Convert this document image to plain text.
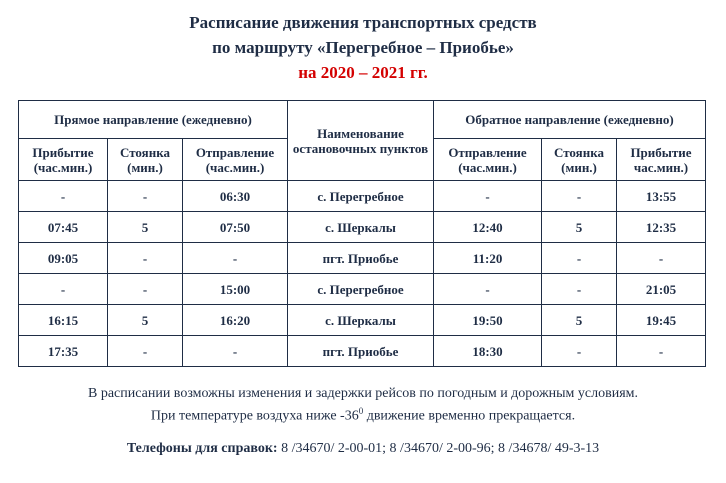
Расписание движения транспортных средств
по маршруту «Перегребное – Приобье»
на 2020 – 2021 гг.
Прямое направление (ежедневно)			Наименование остановочных пунктов	Обратное направление (ежедневно)		
Прибытие (час.мин.)	Стоянка (мин.)	Отправление (час.мин.)		Отправление (час.мин.)	Стоянка (мин.)	Прибытие час.мин.)
-	-	06:30	с. Перегребное	-	-	13:55
07:45	5	07:50	с. Шеркалы	12:40	5	12:35
09:05	-	-	пгт. Приобье	11:20	-	-
-	-	15:00	с. Перегребное	-	-	21:05
16:15	5	16:20	с. Шеркалы	19:50	5	19:45
17:35	-	-	пгт. Приобье	18:30	-	-
В расписании возможны изменения и задержки рейсов по погодным и дорожным условиям.
При температуре воздуха ниже $-36^0$ движение временно прекращается.
Телефоны для справок: 8 /34670/ 2-00-01; 8 /34670/ 2-00-96; 8 /34678/ 49-3-13
